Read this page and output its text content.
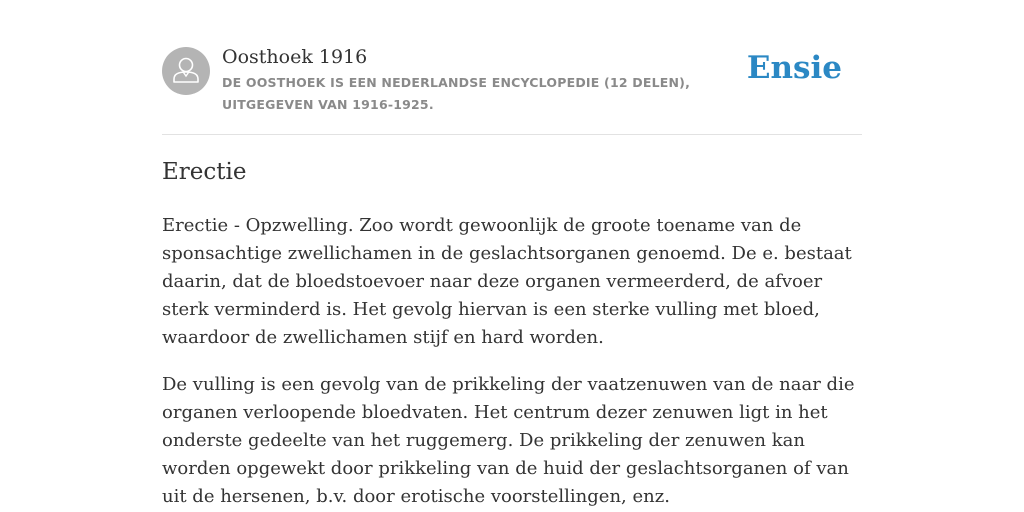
Oosthoek 1916
DE OOSTHOEK IS EEN NEDERLANDSE ENCYCLOPEDIE (12 DELEN), UITGEGEVEN VAN 1916-1925.
Ensie
Erectie

Erectie - Opzwelling. Zoo wordt gewoonlijk de groote toename van de sponsachtige zwellichamen in de geslachtsorganen genoemd. De e. bestaat daarin, dat de bloedstoevoer naar deze organen vermeerderd, de afvoer sterk verminderd is. Het gevolg hiervan is een sterke vulling met bloed, waardoor de zwellichamen stijf en hard worden.

De vulling is een gevolg van de prikkeling der vaatzenuwen van de naar die organen verloopende bloedvaten. Het centrum dezer zenuwen ligt in het onderste gedeelte van het ruggemerg. De prikkeling der zenuwen kan worden opgewekt door prikkeling van de huid der geslachtsorganen of van uit de hersenen, b.v. door erotische voorstellingen, enz.
